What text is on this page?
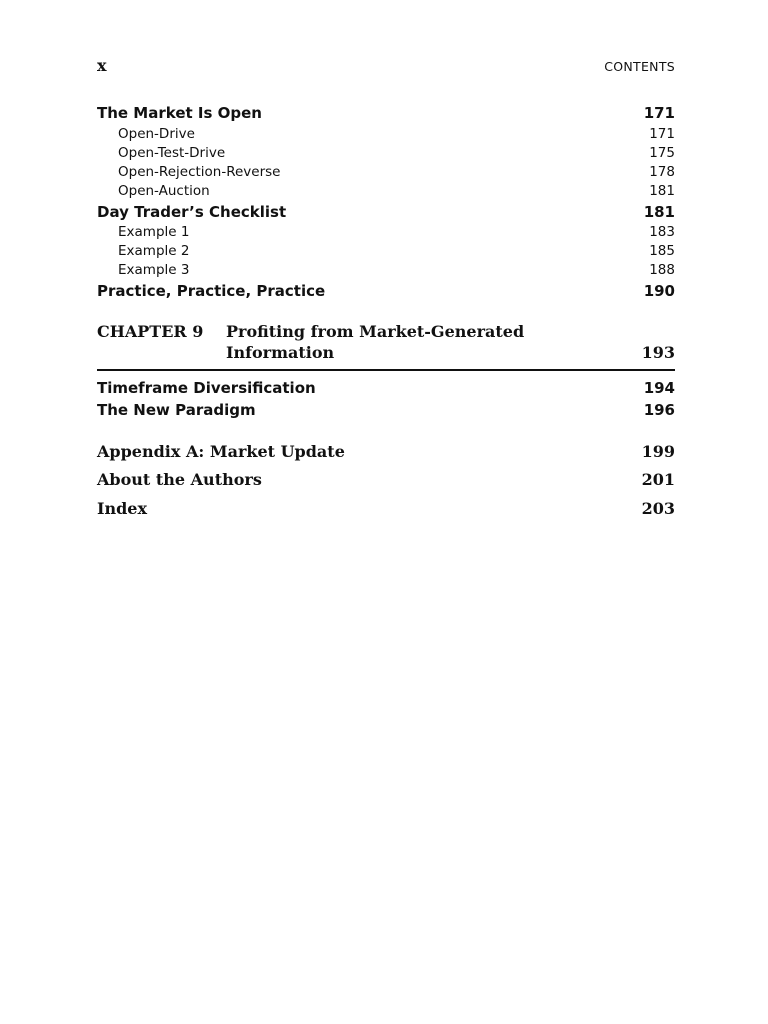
x	CONTENTS
The Market Is Open	171
Open-Drive	171
Open-Test-Drive	175
Open-Rejection-Reverse	178
Open-Auction	181
Day Trader’s Checklist	181
Example 1	183
Example 2	185
Example 3	188
Practice, Practice, Practice	190
CHAPTER 9 Profiting from Market-Generated
Information	193
Timeframe Diversification	194
The New Paradigm	196
Appendix A: Market Update	199
About the Authors	201
Index	203
